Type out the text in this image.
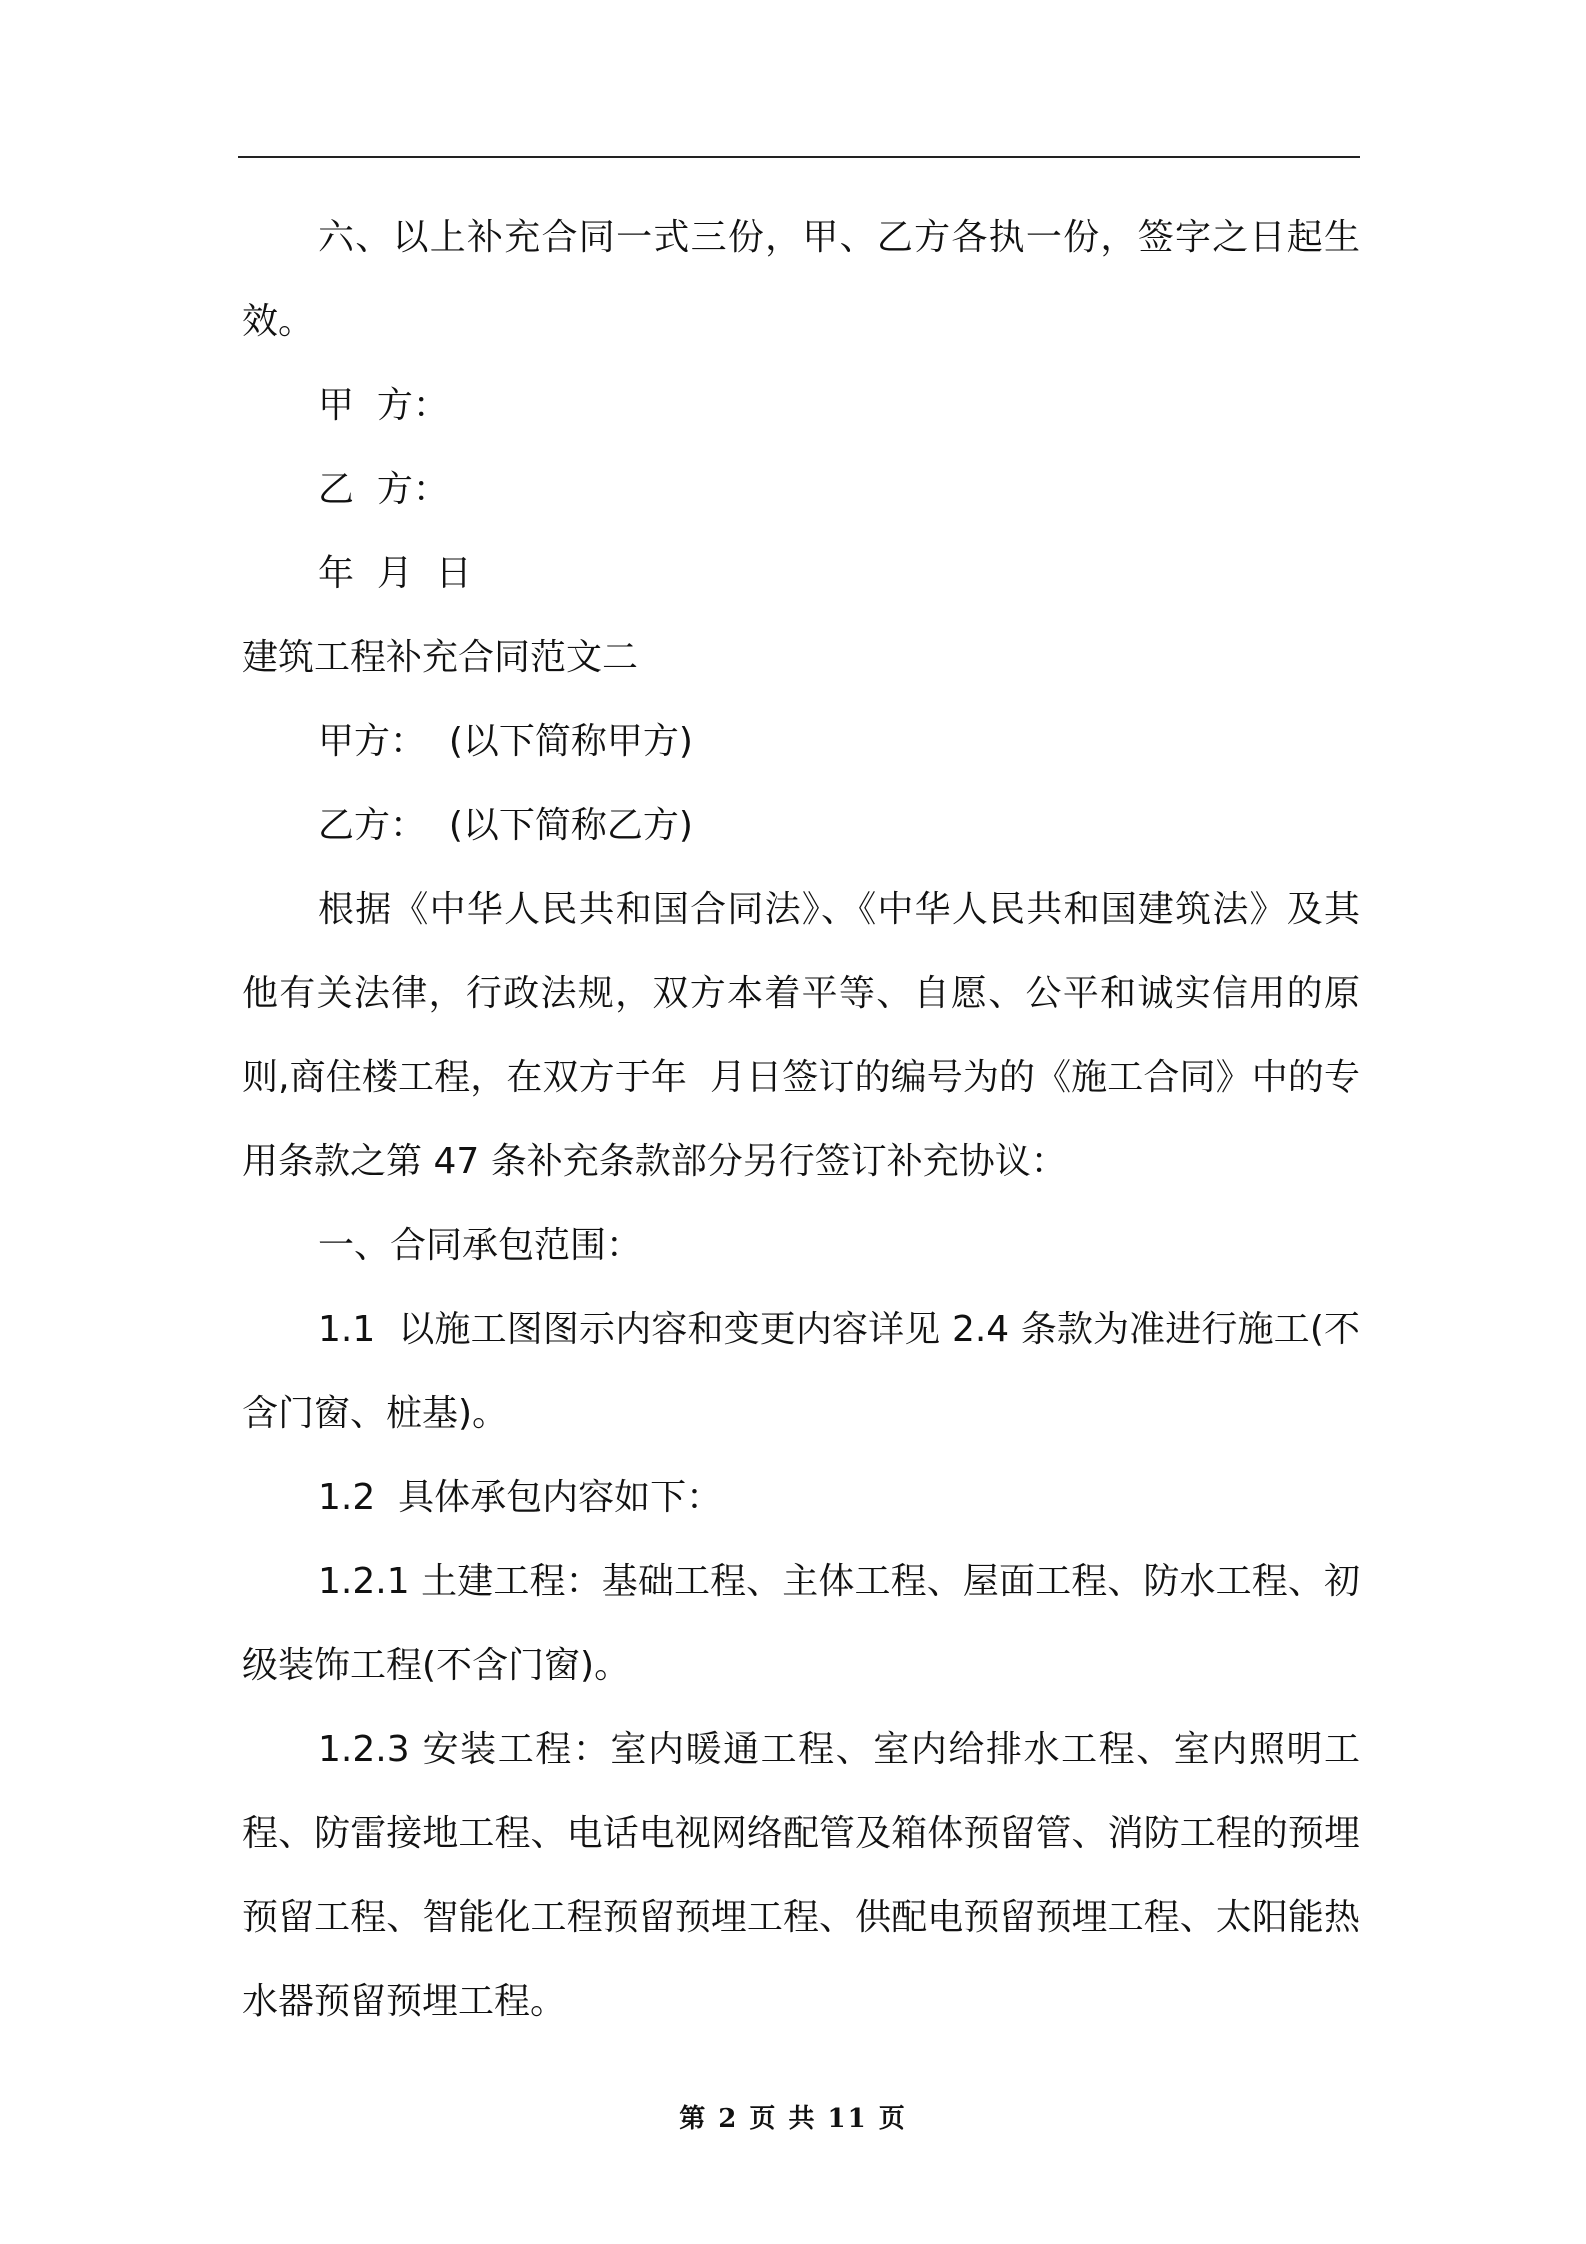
六、以上补充合同一式三份，甲、乙方各执一份，签字之日起生效。

甲  方：

乙  方：

年  月  日

建筑工程补充合同范文二

甲方：  (以下简称甲方)

乙方：  (以下简称乙方)

根据《中华人民共和国合同法》、《中华人民共和国建筑法》及其他有关法律，行政法规，双方本着平等、自愿、公平和诚实信用的原则,商住楼工程，在双方于年  月日签订的编号为的《施工合同》中的专用条款之第 47 条补充条款部分另行签订补充协议：

一、合同承包范围：

1.1  以施工图图示内容和变更内容详见 2.4 条款为准进行施工(不含门窗、桩基)。

1.2  具体承包内容如下：

1.2.1 土建工程：基础工程、主体工程、屋面工程、防水工程、初级装饰工程(不含门窗)。

1.2.3 安装工程：室内暖通工程、室内给排水工程、室内照明工程、防雷接地工程、电话电视网络配管及箱体预留管、消防工程的预埋预留工程、智能化工程预留预埋工程、供配电预留预埋工程、太阳能热水器预留预埋工程。

第 2 页 共 11 页
